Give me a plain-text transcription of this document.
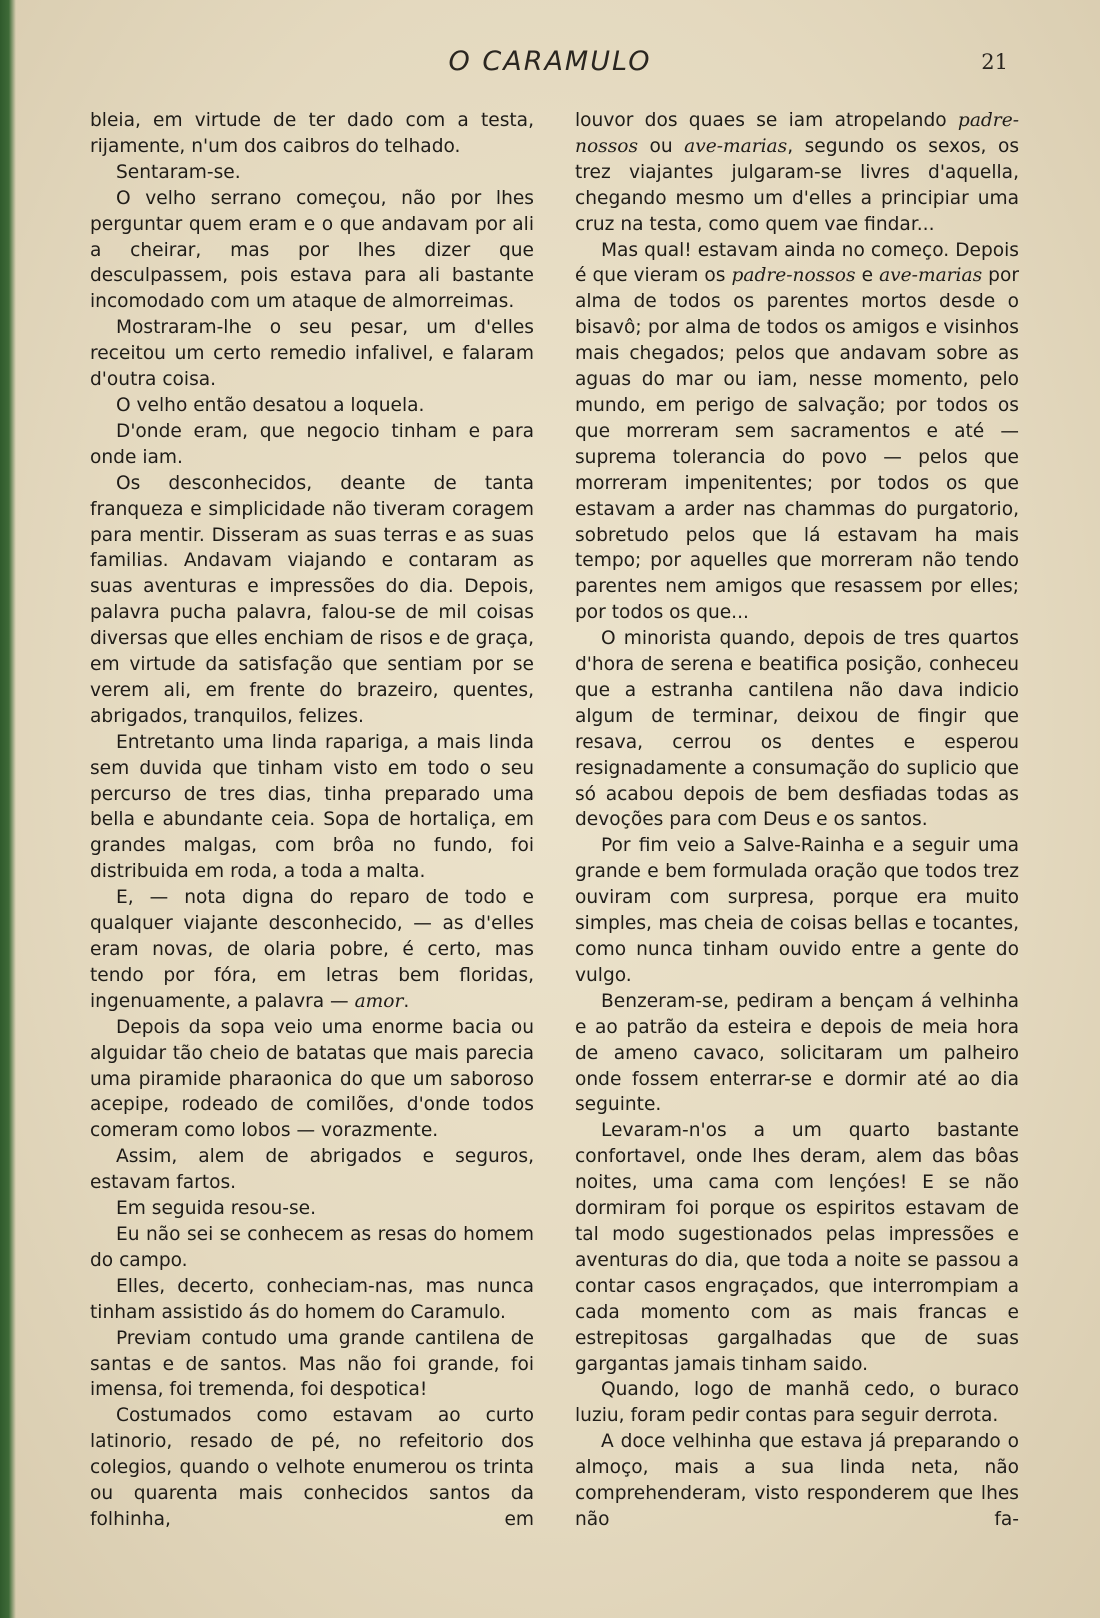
O CARAMULO	21

bleia, em virtude de ter dado com a testa, rijamente, n'um dos caibros do telhado.

Sentaram-se.

O velho serrano começou, não por lhes perguntar quem eram e o que andavam por ali a cheirar, mas por lhes dizer que desculpassem, pois estava para ali bastante incomodado com um ataque de almorreimas.

Mostraram-lhe o seu pesar, um d'elles receitou um certo remedio infalivel, e falaram d'outra coisa.

O velho então desatou a loquela.

D'onde eram, que negocio tinham e para onde iam.

Os desconhecidos, deante de tanta franqueza e simplicidade não tiveram coragem para mentir. Disseram as suas terras e as suas familias. Andavam viajando e contaram as suas aventuras e impressões do dia. Depois, palavra pucha palavra, falou-se de mil coisas diversas que elles enchiam de risos e de graça, em virtude da satisfação que sentiam por se verem ali, em frente do brazeiro, quentes, abrigados, tranquilos, felizes.

Entretanto uma linda rapariga, a mais linda sem duvida que tinham visto em todo o seu percurso de tres dias, tinha preparado uma bella e abundante ceia. Sopa de hortaliça, em grandes malgas, com brôa no fundo, foi distribuida em roda, a toda a malta.

E, — nota digna do reparo de todo e qualquer viajante desconhecido, — as d'elles eram novas, de olaria pobre, é certo, mas tendo por fóra, em letras bem floridas, ingenuamente, a palavra — amor.

Depois da sopa veio uma enorme bacia ou alguidar tão cheio de batatas que mais parecia uma piramide pharaonica do que um saboroso acepipe, rodeado de comilões, d'onde todos comeram como lobos — vorazmente.

Assim, alem de abrigados e seguros, estavam fartos.

Em seguida resou-se.

Eu não sei se conhecem as resas do homem do campo.

Elles, decerto, conheciam-nas, mas nunca tinham assistido ás do homem do Caramulo.

Previam contudo uma grande cantilena de santas e de santos. Mas não foi grande, foi imensa, foi tremenda, foi despotica!

Costumados como estavam ao curto latinorio, resado de pé, no refeitorio dos colegios, quando o velhote enumerou os trinta ou quarenta mais conhecidos santos da folhinha, em

louvor dos quaes se iam atropelando padre-nossos ou ave-marias, segundo os sexos, os trez viajantes julgaram-se livres d'aquella, chegando mesmo um d'elles a principiar uma cruz na testa, como quem vae findar...

Mas qual! estavam ainda no começo. Depois é que vieram os padre-nossos e ave-marias por alma de todos os parentes mortos desde o bisavô; por alma de todos os amigos e visinhos mais chegados; pelos que andavam sobre as aguas do mar ou iam, nesse momento, pelo mundo, em perigo de salvação; por todos os que morreram sem sacramentos e até — suprema tolerancia do povo — pelos que morreram impenitentes; por todos os que estavam a arder nas chammas do purgatorio, sobretudo pelos que lá estavam ha mais tempo; por aquelles que morreram não tendo parentes nem amigos que resassem por elles; por todos os que...

O minorista quando, depois de tres quartos d'hora de serena e beatifica posição, conheceu que a estranha cantilena não dava indicio algum de terminar, deixou de fingir que resava, cerrou os dentes e esperou resignadamente a consumação do suplicio que só acabou depois de bem desfiadas todas as devoções para com Deus e os santos.

Por fim veio a Salve-Rainha e a seguir uma grande e bem formulada oração que todos trez ouviram com surpresa, porque era muito simples, mas cheia de coisas bellas e tocantes, como nunca tinham ouvido entre a gente do vulgo.

Benzeram-se, pediram a bençam á velhinha e ao patrão da esteira e depois de meia hora de ameno cavaco, solicitaram um palheiro onde fossem enterrar-se e dormir até ao dia seguinte.

Levaram-n'os a um quarto bastante confortavel, onde lhes deram, alem das bôas noites, uma cama com lençóes! E se não dormiram foi porque os espiritos estavam de tal modo sugestionados pelas impressões e aventuras do dia, que toda a noite se passou a contar casos engraçados, que interrompiam a cada momento com as mais francas e estrepitosas gargalhadas que de suas gargantas jamais tinham saido.

Quando, logo de manhã cedo, o buraco luziu, foram pedir contas para seguir derrota.

A doce velhinha que estava já preparando o almoço, mais a sua linda neta, não comprehenderam, visto responderem que lhes não fa-
